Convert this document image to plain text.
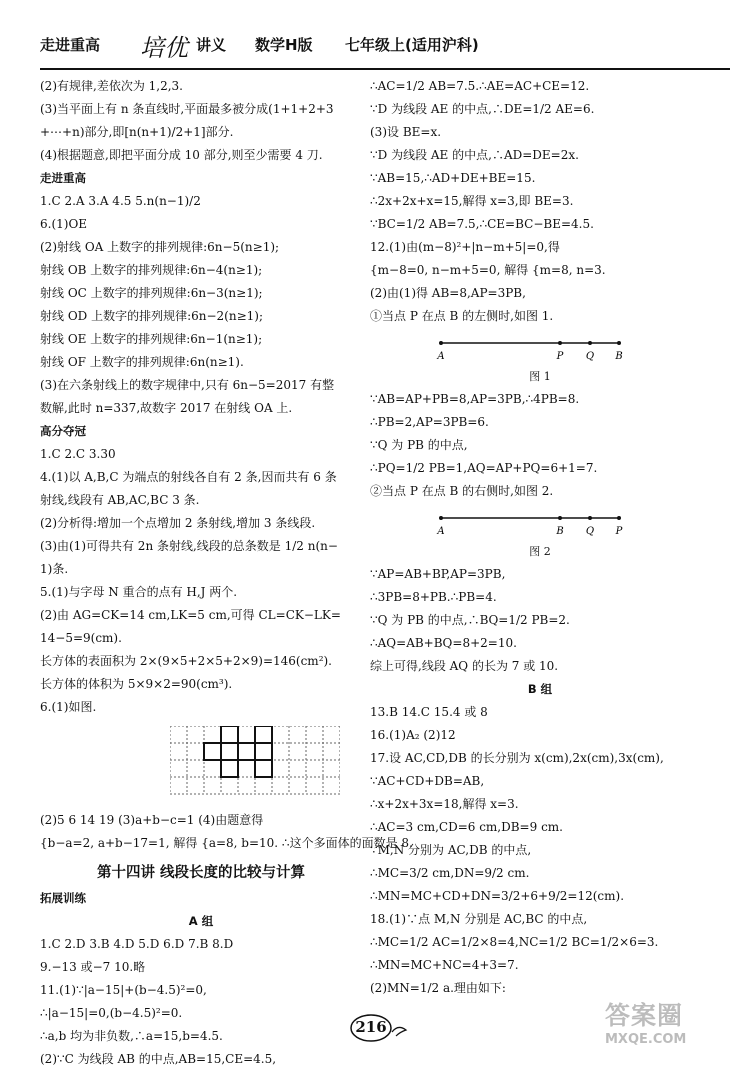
走进重高 培优 讲义 数学H版 七年级上(适用沪科)
(2)有规律,差依次为 1,2,3.
(3)当平面上有 n 条直线时,平面最多被分成(1+1+2+3
+⋯+n)部分,即[n(n+1)/2+1]部分.
(4)根据题意,即把平面分成 10 部分,则至少需要 4 刀.
走进重高
1.C 2.A 3.A 4.5 5.n(n−1)/2
6.(1)OE
(2)射线 OA 上数字的排列规律:6n−5(n≥1);
射线 OB 上数字的排列规律:6n−4(n≥1);
射线 OC 上数字的排列规律:6n−3(n≥1);
射线 OD 上数字的排列规律:6n−2(n≥1);
射线 OE 上数字的排列规律:6n−1(n≥1);
射线 OF 上数字的排列规律:6n(n≥1).
(3)在六条射线上的数字规律中,只有 6n−5=2017 有整
数解,此时 n=337,故数字 2017 在射线 OA 上.
高分夺冠
1.C 2.C 3.30
4.(1)以 A,B,C 为端点的射线各自有 2 条,因而共有 6 条
射线,线段有 AB,AC,BC 3 条.
(2)分析得:增加一个点增加 2 条射线,增加 3 条线段.
(3)由(1)可得共有 2n 条射线,线段的总条数是 1/2 n(n−
1)条.
5.(1)与字母 N 重合的点有 H,J 两个.
(2)由 AG=CK=14 cm,LK=5 cm,可得 CL=CK−LK=
14−5=9(cm).
长方体的表面积为 2×(9×5+2×5+2×9)=146(cm²).
长方体的体积为 5×9×2=90(cm³).
6.(1)如图.
(2)5 6 14 19 (3)a+b−c=1 (4)由题意得
{b−a=2, a+b−17=1, 解得 {a=8, b=10. ∴这个多面体的面数是 8.
第十四讲 线段长度的比较与计算
拓展训练
A 组
1.C 2.D 3.B 4.D 5.D 6.D 7.B 8.D
9.−13 或−7 10.略
11.(1)∵|a−15|+(b−4.5)²=0,
∴|a−15|=0,(b−4.5)²=0.
∴a,b 均为非负数,∴a=15,b=4.5.
(2)∵C 为线段 AB 的中点,AB=15,CE=4.5,
∴AC=1/2 AB=7.5.∴AE=AC+CE=12.
∵D 为线段 AE 的中点,∴DE=1/2 AE=6.
(3)设 BE=x.
∵D 为线段 AE 的中点,∴AD=DE=2x.
∵AB=15,∴AD+DE+BE=15.
∴2x+2x+x=15,解得 x=3,即 BE=3.
∵BC=1/2 AB=7.5,∴CE=BC−BE=4.5.
12.(1)由(m−8)²+|n−m+5|=0,得
{m−8=0, n−m+5=0, 解得 {m=8, n=3.
(2)由(1)得 AB=8,AP=3PB,
①当点 P 在点 B 的左侧时,如图 1.
A	P Q B
图 1
∵AB=AP+PB=8,AP=3PB,∴4PB=8.
∴PB=2,AP=3PB=6.
∵Q 为 PB 的中点,
∴PQ=1/2 PB=1,AQ=AP+PQ=6+1=7.
②当点 P 在点 B 的右侧时,如图 2.
A	B Q P
图 2
∵AP=AB+BP,AP=3PB,
∴3PB=8+PB.∴PB=4.
∵Q 为 PB 的中点,∴BQ=1/2 PB=2.
∴AQ=AB+BQ=8+2=10.
综上可得,线段 AQ 的长为 7 或 10.
B 组
13.B 14.C 15.4 或 8
16.(1)A₂ (2)12
17.设 AC,CD,DB 的长分别为 x(cm),2x(cm),3x(cm),
∵AC+CD+DB=AB,
∴x+2x+3x=18,解得 x=3.
∴AC=3 cm,CD=6 cm,DB=9 cm.
∵M,N 分别为 AC,DB 的中点,
∴MC=3/2 cm,DN=9/2 cm.
∴MN=MC+CD+DN=3/2+6+9/2=12(cm).
18.(1)∵点 M,N 分别是 AC,BC 的中点,
∴MC=1/2 AC=1/2×8=4,NC=1/2 BC=1/2×6=3.
∴MN=MC+NC=4+3=7.
(2)MN=1/2 a.理由如下:
216	答案圈
MXQE.COM
